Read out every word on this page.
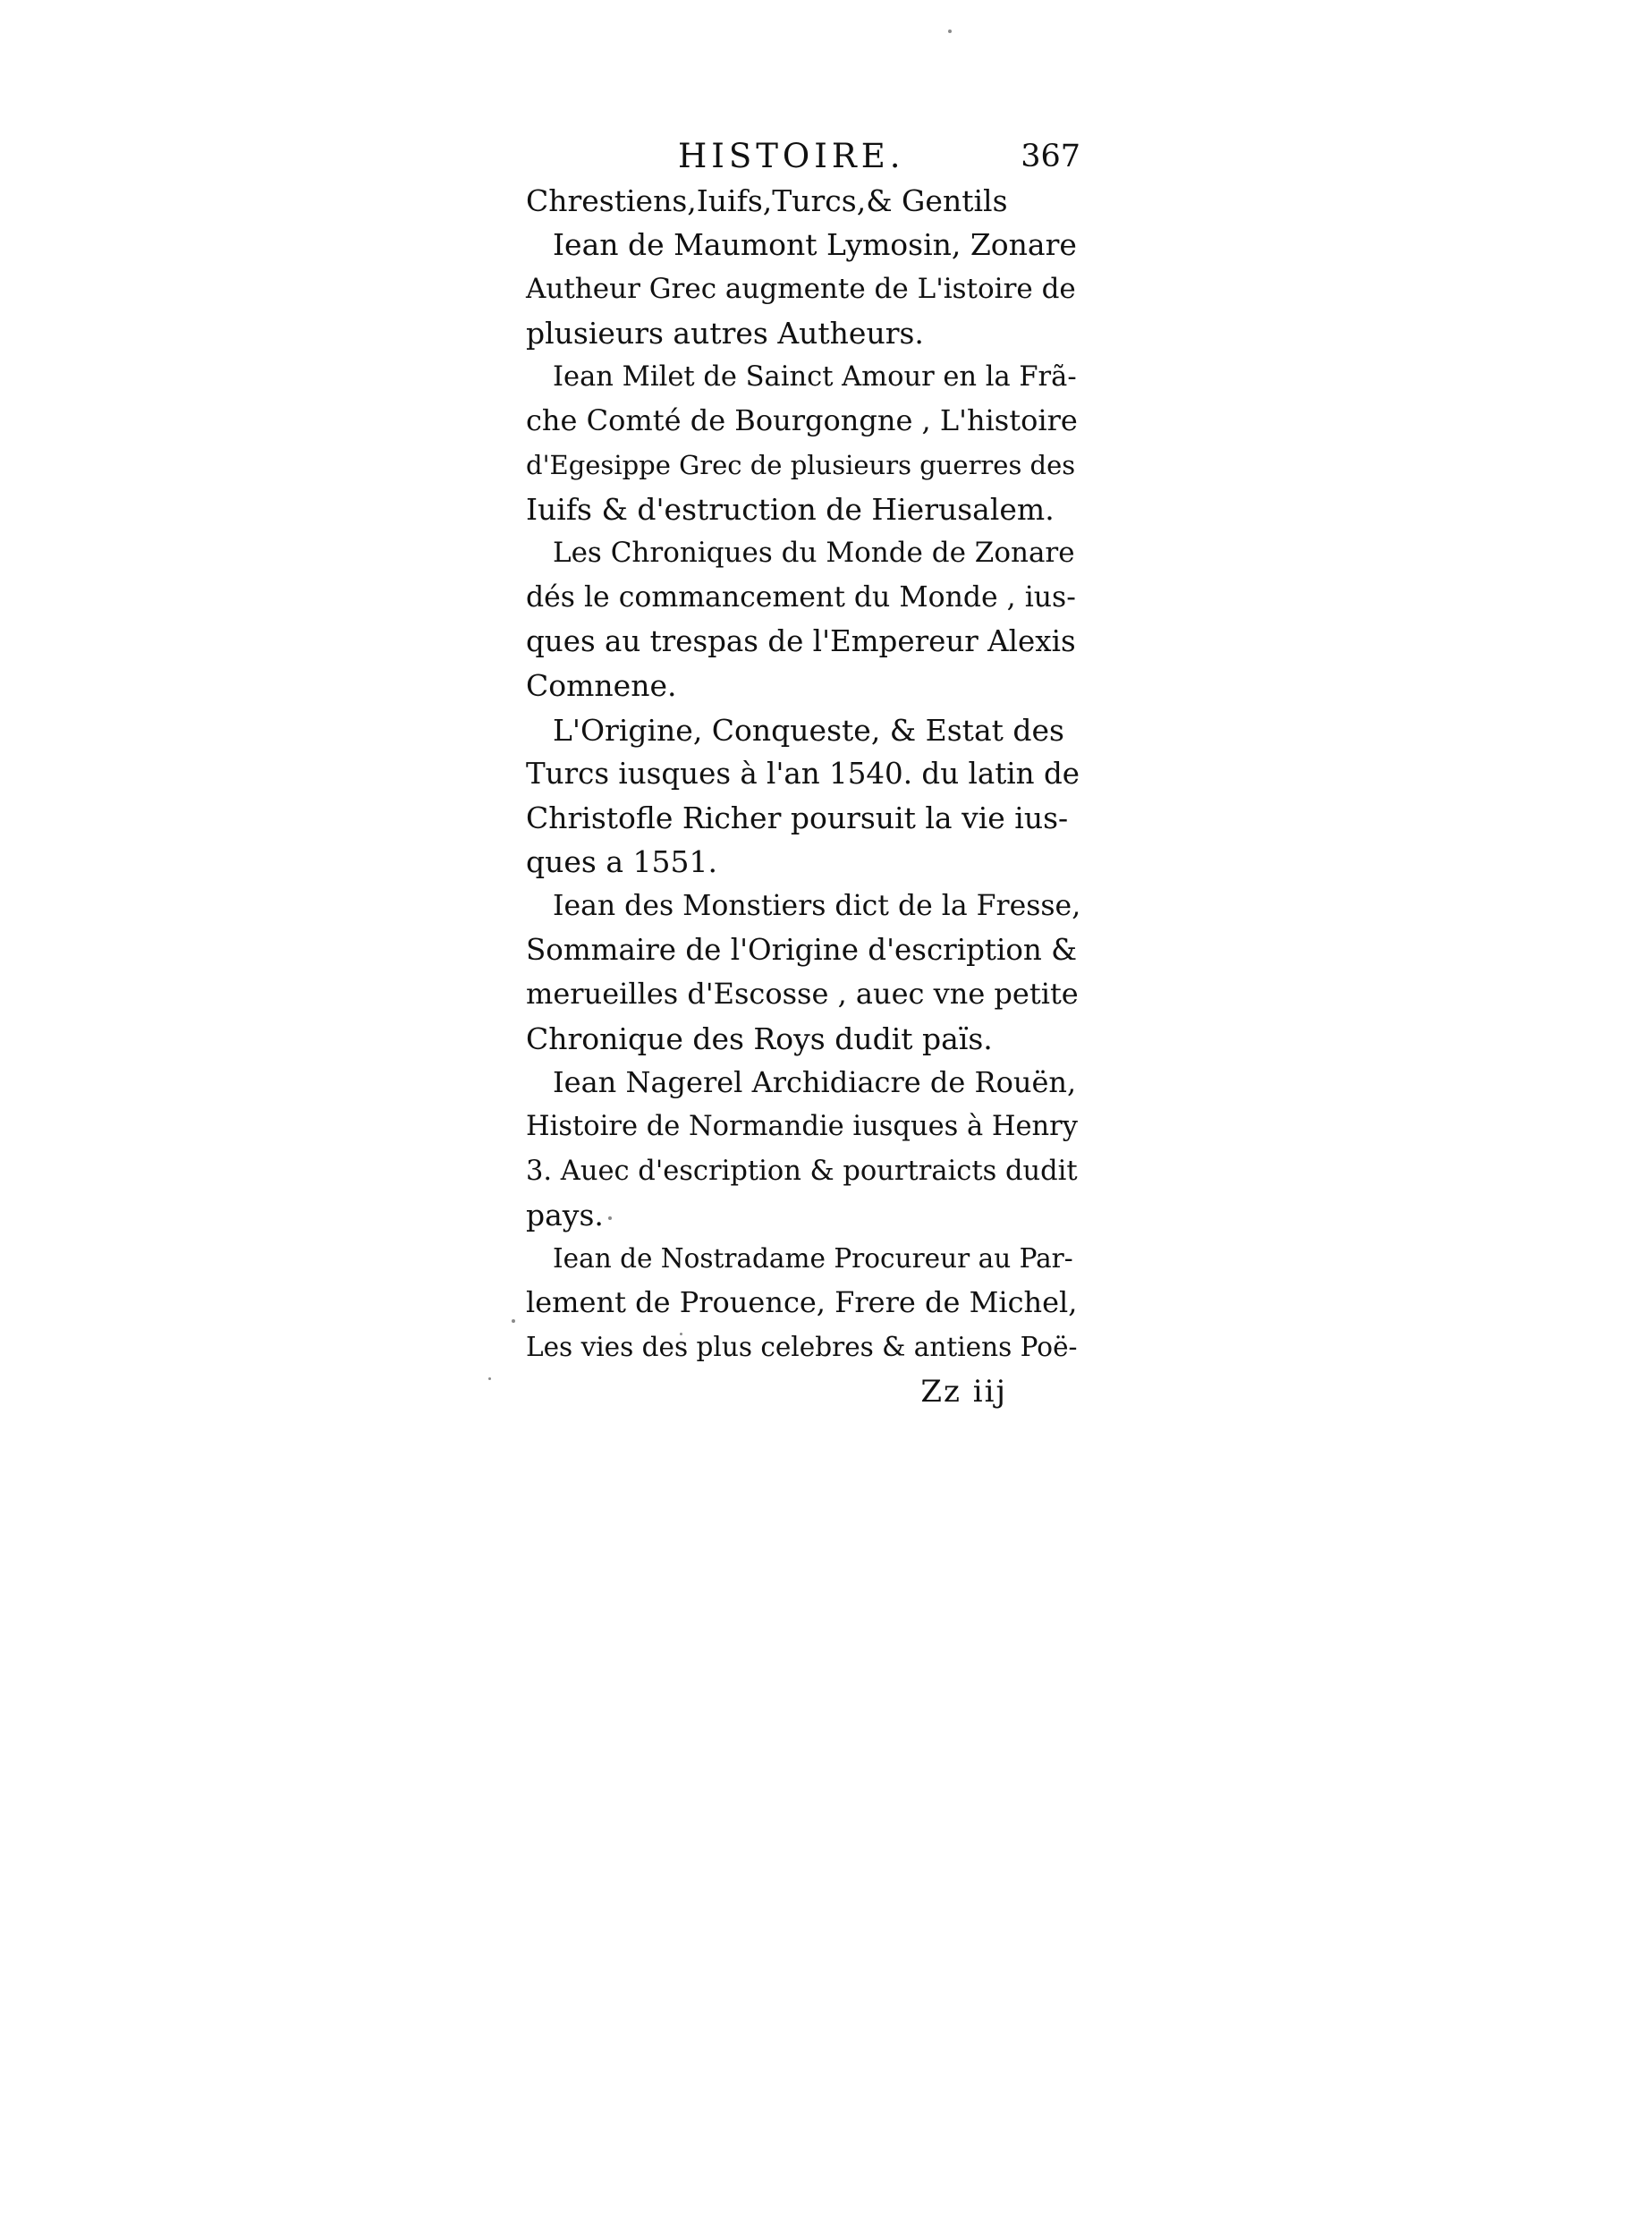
HISTOIRE.	367
Chrestiens,Iuifs,Turcs,& Gentils
Iean de Maumont Lymosin, Zonare
Autheur Grec augmente de L'istoire de
plusieurs autres Autheurs.
Iean Milet de Sainct Amour en la Frã-
che Comté de Bourgongne , L'histoire
d'Egesippe Grec de plusieurs guerres des
Iuifs & d'estruction de Hierusalem.
Les Chroniques du Monde de Zonare
dés le commancement du Monde , ius-
ques au trespas de l'Empereur Alexis
Comnene.
L'Origine, Conqueste, & Estat des
Turcs iusques à l'an 1540. du latin de
Christofle Richer poursuit la vie ius-
ques a 1551.
Iean des Monstiers dict de la Fresse,
Sommaire de l'Origine d'escription &
merueilles d'Escosse , auec vne petite
Chronique des Roys dudit païs.
Iean Nagerel Archidiacre de Rouën,
Histoire de Normandie iusques à Henry
3. Auec d'escription & pourtraicts dudit
pays.
Iean de Nostradame Procureur au Par-
lement de Prouence, Frere de Michel,
Les vies des plus celebres & antiens Poë-
Zz iij
